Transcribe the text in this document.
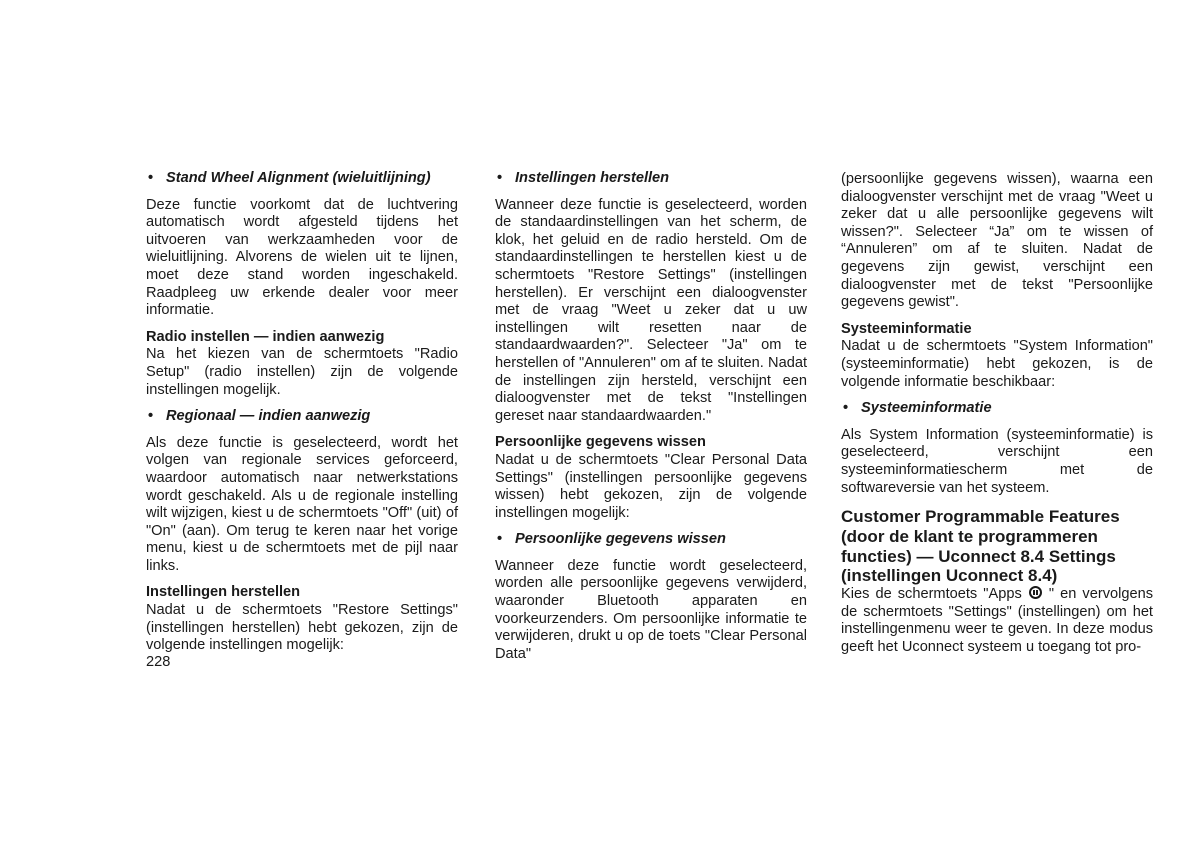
• Stand Wheel Alignment (wieluitlijning)

Deze functie voorkomt dat de luchtvering automatisch wordt afgesteld tijdens het uitvoeren van werkzaamheden voor de wieluitlijning. Alvorens de wielen uit te lijnen, moet deze stand worden ingeschakeld. Raadpleeg uw erkende dealer voor meer informatie.

Radio instellen — indien aanwezig

Na het kiezen van de schermtoets "Radio Setup" (radio instellen) zijn de volgende instellingen mogelijk.

• Regionaal — indien aanwezig

Als deze functie is geselecteerd, wordt het volgen van regionale services geforceerd, waardoor automatisch naar netwerkstations wordt geschakeld. Als u de regionale instelling wilt wijzigen, kiest u de schermtoets "Off" (uit) of "On" (aan). Om terug te keren naar het vorige menu, kiest u de schermtoets met de pijl naar links.

Instellingen herstellen

Nadat u de schermtoets "Restore Settings" (instellingen herstellen) hebt gekozen, zijn de volgende instellingen mogelijk:

• Instellingen herstellen

Wanneer deze functie is geselecteerd, worden de standaardinstellingen van het scherm, de klok, het geluid en de radio hersteld. Om de standaardinstellingen te herstellen kiest u de schermtoets "Restore Settings" (instellingen herstellen). Er verschijnt een dialoogvenster met de vraag "Weet u zeker dat u uw instellingen wilt resetten naar de standaardwaarden?". Selecteer "Ja" om te herstellen of "Annuleren" om af te sluiten. Nadat de instellingen zijn hersteld, verschijnt een dialoogvenster met de tekst "Instellingen gereset naar standaardwaarden."

Persoonlijke gegevens wissen

Nadat u de schermtoets "Clear Personal Data Settings" (instellingen persoonlijke gegevens wissen) hebt gekozen, zijn de volgende instellingen mogelijk:

• Persoonlijke gegevens wissen

Wanneer deze functie wordt geselecteerd, worden alle persoonlijke gegevens verwijderd, waaronder Bluetooth apparaten en voorkeurzenders. Om persoonlijke informatie te verwijderen, drukt u op de toets "Clear Personal Data"

(persoonlijke gegevens wissen), waarna een dialoogvenster verschijnt met de vraag "Weet u zeker dat u alle persoonlijke gegevens wilt wissen?". Selecteer “Ja” om te wissen of “Annuleren” om af te sluiten. Nadat de gegevens zijn gewist, verschijnt een dialoogvenster met de tekst "Persoonlijke gegevens gewist".

Systeeminformatie

Nadat u de schermtoets "System Information" (systeeminformatie) hebt gekozen, is de volgende informatie beschikbaar:

• Systeeminformatie

Als System Information (systeeminformatie) is geselecteerd, verschijnt een systeeminformatiescherm met de softwareversie van het systeem.

Customer Programmable Features (door de klant te programmeren functies) — Uconnect 8.4 Settings (instellingen Uconnect 8.4)

Kies de schermtoets "Apps  " en vervolgens de schermtoets "Settings" (instellingen) om het instellingenmenu weer te geven. In deze modus geeft het Uconnect systeem u toegang tot pro-

228
